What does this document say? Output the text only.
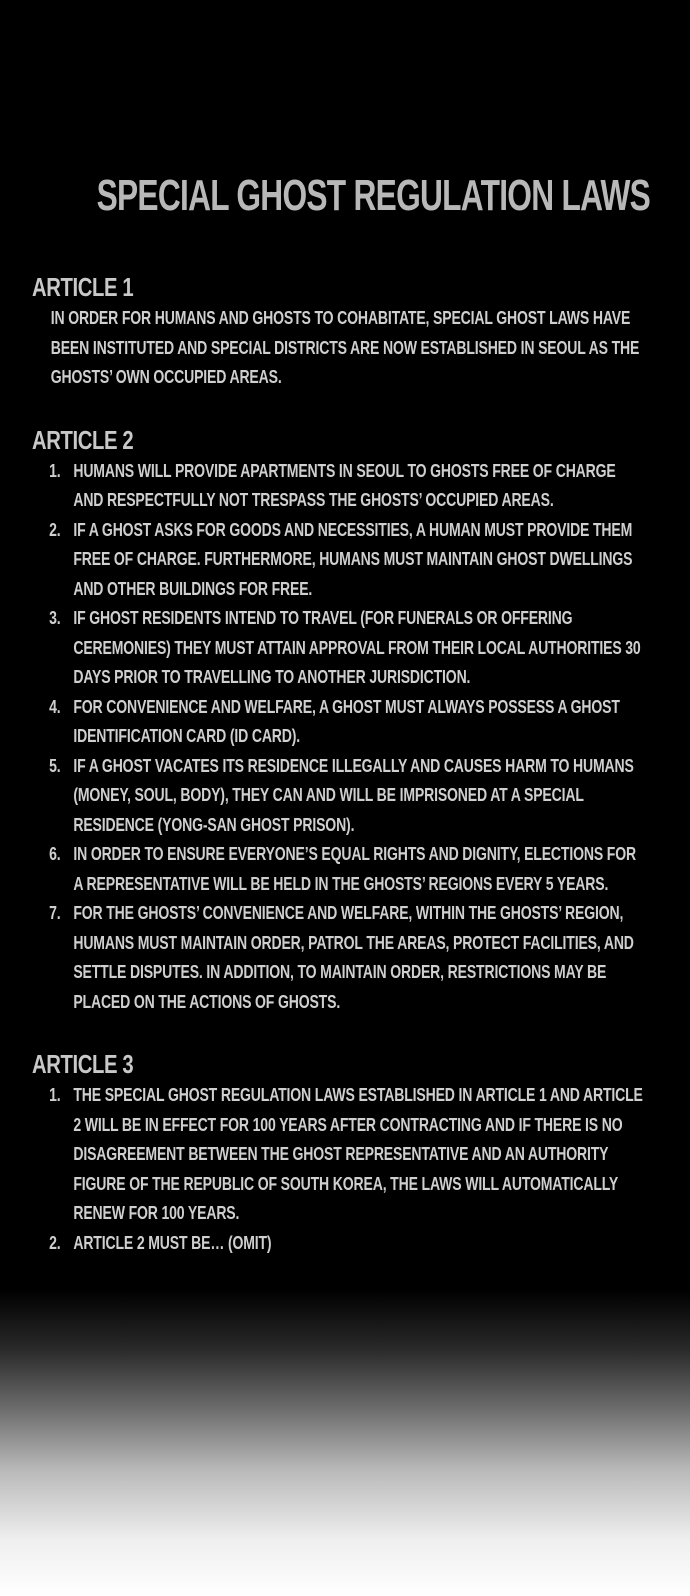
SPECIAL GHOST REGULATION LAWS
ARTICLE 1

IN ORDER FOR HUMANS AND GHOSTS TO COHABITATE, SPECIAL GHOST LAWS HAVE BEEN INSTITUTED AND SPECIAL DISTRICTS ARE NOW ESTABLISHED IN SEOUL AS THE GHOSTS’ OWN OCCUPIED AREAS.

ARTICLE 2
1. HUMANS WILL PROVIDE APARTMENTS IN SEOUL TO GHOSTS FREE OF CHARGE AND RESPECTFULLY NOT TRESPASS THE GHOSTS’ OCCUPIED AREAS.
2. IF A GHOST ASKS FOR GOODS AND NECESSITIES, A HUMAN MUST PROVIDE THEM FREE OF CHARGE. FURTHERMORE, HUMANS MUST MAINTAIN GHOST DWELLINGS AND OTHER BUILDINGS FOR FREE.
3. IF GHOST RESIDENTS INTEND TO TRAVEL (FOR FUNERALS OR OFFERING CEREMONIES) THEY MUST ATTAIN APPROVAL FROM THEIR LOCAL AUTHORITIES 30 DAYS PRIOR TO TRAVELLING TO ANOTHER JURISDICTION.
4. FOR CONVENIENCE AND WELFARE, A GHOST MUST ALWAYS POSSESS A GHOST IDENTIFICATION CARD (ID CARD).
5. IF A GHOST VACATES ITS RESIDENCE ILLEGALLY AND CAUSES HARM TO HUMANS (MONEY, SOUL, BODY), THEY CAN AND WILL BE IMPRISONED AT A SPECIAL RESIDENCE (YONG-SAN GHOST PRISON).
6. IN ORDER TO ENSURE EVERYONE’S EQUAL RIGHTS AND DIGNITY, ELECTIONS FOR A REPRESENTATIVE WILL BE HELD IN THE GHOSTS’ REGIONS EVERY 5 YEARS.
7. FOR THE GHOSTS’ CONVENIENCE AND WELFARE, WITHIN THE GHOSTS’ REGION, HUMANS MUST MAINTAIN ORDER, PATROL THE AREAS, PROTECT FACILITIES, AND SETTLE DISPUTES. IN ADDITION, TO MAINTAIN ORDER, RESTRICTIONS MAY BE PLACED ON THE ACTIONS OF GHOSTS.
ARTICLE 3
1. THE SPECIAL GHOST REGULATION LAWS ESTABLISHED IN ARTICLE 1 AND ARTICLE 2 WILL BE IN EFFECT FOR 100 YEARS AFTER CONTRACTING AND IF THERE IS NO DISAGREEMENT BETWEEN THE GHOST REPRESENTATIVE AND AN AUTHORITY FIGURE OF THE REPUBLIC OF SOUTH KOREA, THE LAWS WILL AUTOMATICALLY RENEW FOR 100 YEARS.
2. ARTICLE 2 MUST BE… (OMIT)
